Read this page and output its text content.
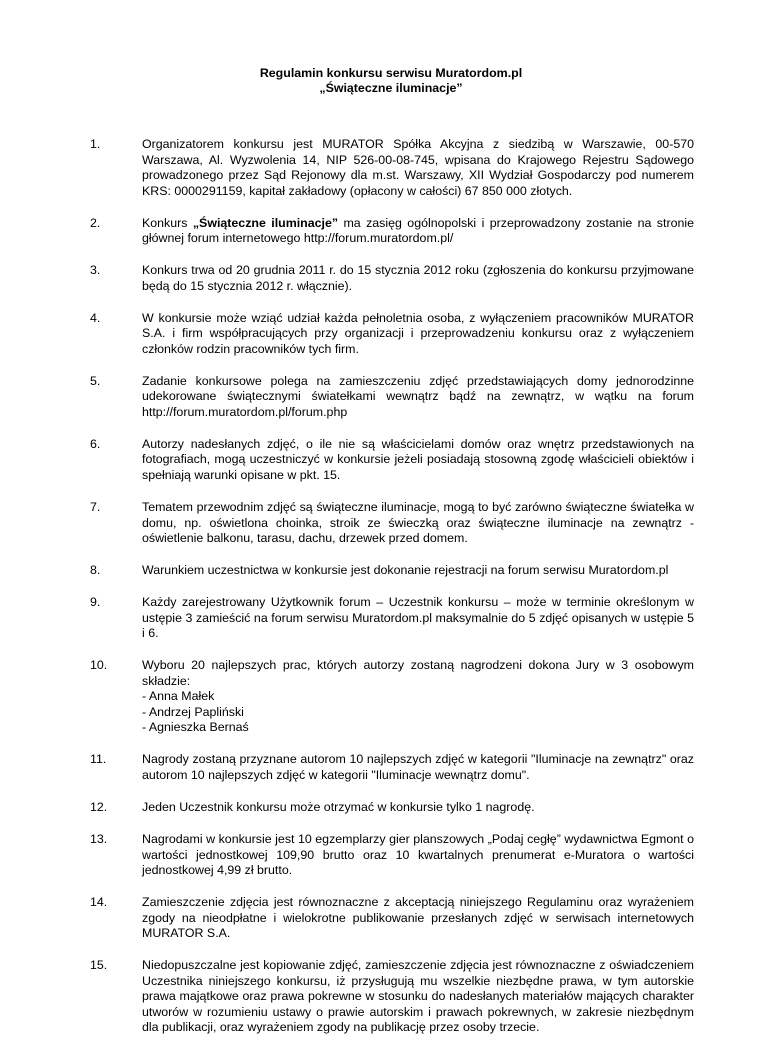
Regulamin konkursu serwisu Muratordom.pl
„Świąteczne iluminacje”
1.	Organizatorem konkursu jest MURATOR Spółka Akcyjna z siedzibą w Warszawie, 00-570 Warszawa, Al. Wyzwolenia 14, NIP 526-00-08-745, wpisana do Krajowego Rejestru Sądowego prowadzonego przez Sąd Rejonowy dla m.st. Warszawy, XII Wydział Gospodarczy pod numerem KRS: 0000291159, kapitał zakładowy (opłacony w całości) 67 850 000 złotych.
2.	Konkurs „Świąteczne iluminacje” ma zasięg ogólnopolski i przeprowadzony zostanie na stronie głównej forum internetowego http://forum.muratordom.pl/
3.	Konkurs trwa od 20 grudnia 2011 r. do 15 stycznia 2012 roku (zgłoszenia do konkursu przyjmowane będą do 15 stycznia 2012 r. włącznie).
4.	W konkursie może wziąć udział każda pełnoletnia osoba, z wyłączeniem pracowników MURATOR S.A. i firm współpracujących przy organizacji i przeprowadzeniu konkursu oraz z wyłączeniem członków rodzin pracowników tych firm.
5.	Zadanie konkursowe polega na zamieszczeniu zdjęć przedstawiających domy jednorodzinne udekorowane świątecznymi światełkami wewnątrz bądź na zewnątrz, w wątku na forum http://forum.muratordom.pl/forum.php
6.	Autorzy nadesłanych zdjęć, o ile nie są właścicielami domów oraz wnętrz przedstawionych na fotografiach, mogą uczestniczyć w konkursie jeżeli posiadają stosowną zgodę właścicieli obiektów i spełniają warunki opisane w pkt. 15.
7.	Tematem przewodnim zdjęć są świąteczne iluminacje, mogą to być zarówno świąteczne światełka w domu, np. oświetlona choinka, stroik ze świeczką oraz świąteczne iluminacje na zewnątrz - oświetlenie balkonu, tarasu, dachu, drzewek przed domem.
8.	Warunkiem uczestnictwa w konkursie jest dokonanie rejestracji na forum serwisu Muratordom.pl
9.	Każdy zarejestrowany Użytkownik forum – Uczestnik konkursu – może w terminie określonym w ustępie 3 zamieścić na forum serwisu Muratordom.pl maksymalnie do 5 zdjęć opisanych w ustępie 5 i 6.
10.	Wyboru 20 najlepszych prac, których autorzy zostaną nagrodzeni dokona Jury w 3 osobowym składzie:
- Anna Małek
- Andrzej Papliński
- Agnieszka Bernaś
11.	Nagrody zostaną przyznane autorom 10 najlepszych zdjęć w kategorii "Iluminacje na zewnątrz" oraz autorom 10 najlepszych zdjęć w kategorii "Iluminacje wewnątrz domu".
12.	Jeden Uczestnik konkursu może otrzymać w konkursie tylko 1 nagrodę.
13.	Nagrodami w konkursie jest 10 egzemplarzy gier planszowych „Podaj cegłę” wydawnictwa Egmont o wartości jednostkowej 109,90 brutto oraz 10 kwartalnych prenumerat e-Muratora o wartości jednostkowej 4,99 zł brutto.
14.	Zamieszczenie zdjęcia jest równoznaczne z akceptacją niniejszego Regulaminu oraz wyrażeniem zgody na nieodpłatne i wielokrotne publikowanie przesłanych zdjęć w serwisach internetowych MURATOR S.A.
15.	Niedopuszczalne jest kopiowanie zdjęć, zamieszczenie zdjęcia jest równoznaczne z oświadczeniem Uczestnika niniejszego konkursu, iż przysługują mu wszelkie niezbędne prawa, w tym autorskie prawa majątkowe oraz prawa pokrewne w stosunku do nadesłanych materiałów mających charakter utworów w rozumieniu ustawy o prawie autorskim i prawach pokrewnych, w zakresie niezbędnym dla publikacji, oraz wyrażeniem zgody na publikację przez osoby trzecie.
